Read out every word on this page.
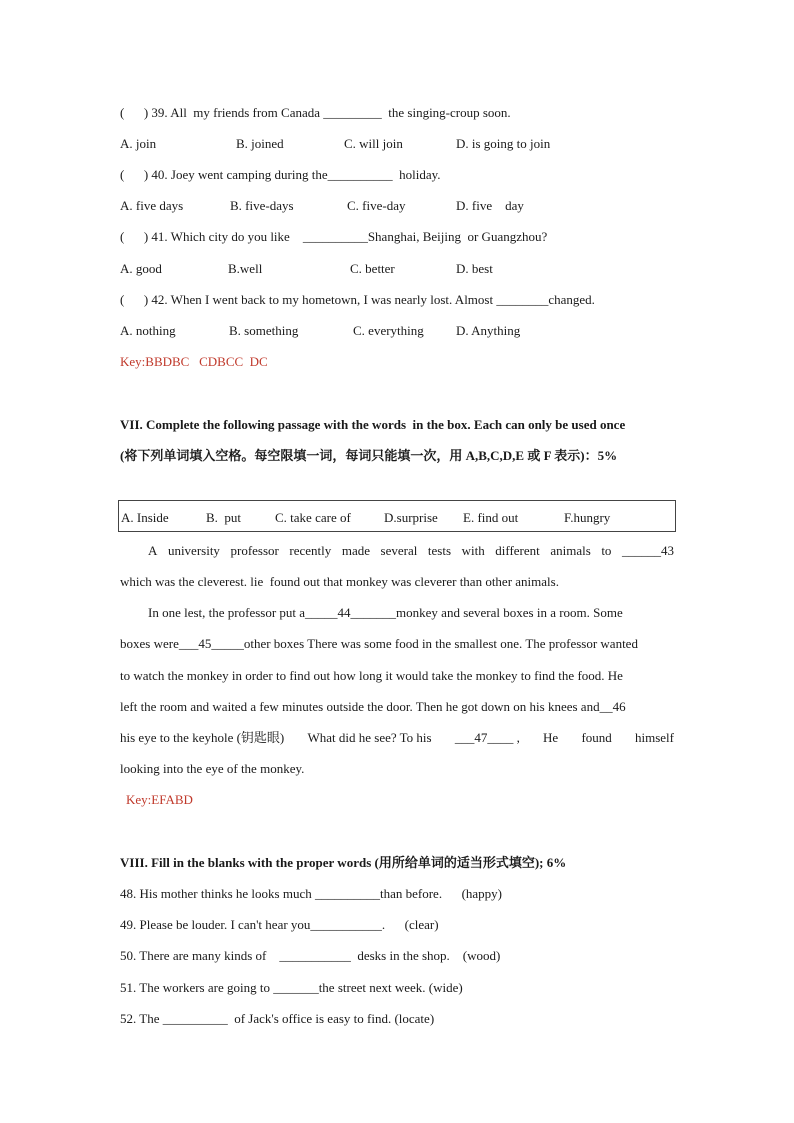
(      ) 39. All  my friends from Canada _________  the singing-croup soon.
A. join	B. joined	C. will join	D. is going to join
(      ) 40. Joey went camping during the__________  holiday.
A. five days	B. five-days	C. five-day	D. five    day
(      ) 41. Which city do you like    __________Shanghai, Beijing  or Guangzhou?
A. good	B.well	C. better	D. best
(      ) 42. When I went back to my hometown, I was nearly lost. Almost ________changed.
A. nothing	B. something	C. everything D. Anything
Key:BBDBC   CDBCC  DC
VII. Complete the following passage with the words  in the box. Each can only be used once
(将下列单词填入空格。每空限填一词，每词只能填一次，用 A,B,C,D,E 或 F 表示)：5%
A. Inside	B.  put	C. take care of	D.surprise E. find out	F.hungry
A university professor recently made several tests with different animals to ______43
which was the cleverest. lie  found out that monkey was cleverer than other animals.
In one lest, the professor put a_____44_______monkey and several boxes in a room. Some
boxes were___45_____other boxes There was some food in the smallest one. The professor wanted
to watch the monkey in order to find out how long it would take the monkey to find the food. He
left the room and waited a few minutes outside the door. Then he got down on his knees and__46
his eye to the keyhole (钥匙眼) What did he see? To his ___47____ , He found himself
looking into the eye of the monkey.
Key:EFABD
VIII. Fill in the blanks with the proper words (用所给单词的适当形式填空); 6%
48. His mother thinks he looks much __________than before.      (happy)
49. Please be louder. I can't hear you___________.      (clear)
50. There are many kinds of    ___________  desks in the shop.    (wood)
51. The workers are going to _______the street next week. (wide)
52. The __________  of Jack's office is easy to find. (locate)
